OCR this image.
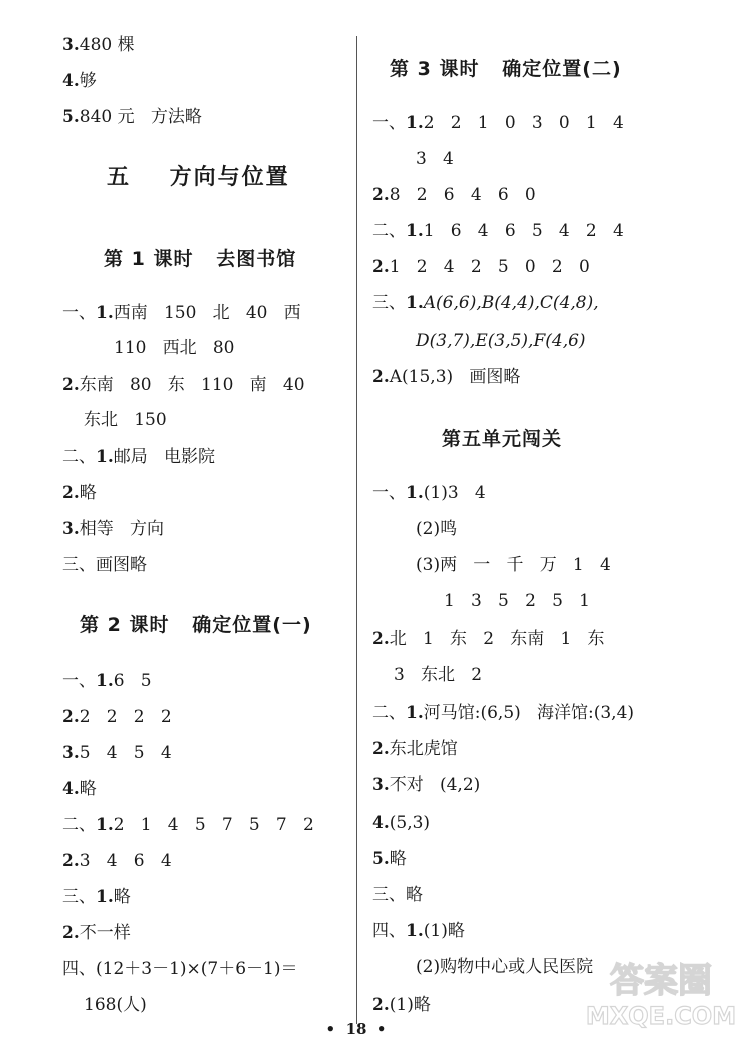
3.480 棵
4.够
5.840 元   方法略
五    方向与位置
第 1 课时   去图书馆
一、1.西南   150   北   40   西
110   西北   80
2.东南   80   东   110   南   40
东北   150
二、1.邮局   电影院
2.略
3.相等   方向
三、画图略
第 2 课时   确定位置(一)
一、1.6   5
2.2   2   2   2
3.5   4   5   4
4.略
二、1.2   1   4   5   7   5   7   2
2.3   4   6   4
三、1.略
2.不一样
四、(12＋3－1)×(7＋6－1)＝
168(人)
第 3 课时   确定位置(二)
一、1.2   2   1   0   3   0   1   4
3   4
2.8   2   6   4   6   0
二、1.1   6   4   6   5   4   2   4
2.1   2   4   2   5   0   2   0
三、1.A(6,6),B(4,4),C(4,8),
D(3,7),E(3,5),F(4,6)
2.A(15,3)   画图略
第五单元闯关
一、1.(1)3   4
(2)鸣
(3)两   一   千   万   1   4
1   3   5   2   5   1
2.北   1   东   2   东南   1   东
3   东北   2
二、1.河马馆:(6,5)   海洋馆:(3,4)
2.东北虎馆
3.不对   (4,2)
4.(5,3)
5.略
三、略
四、1.(1)略
(2)购物中心或人民医院
2.(1)略
•  18  •
答案圈
MXQE.COM
